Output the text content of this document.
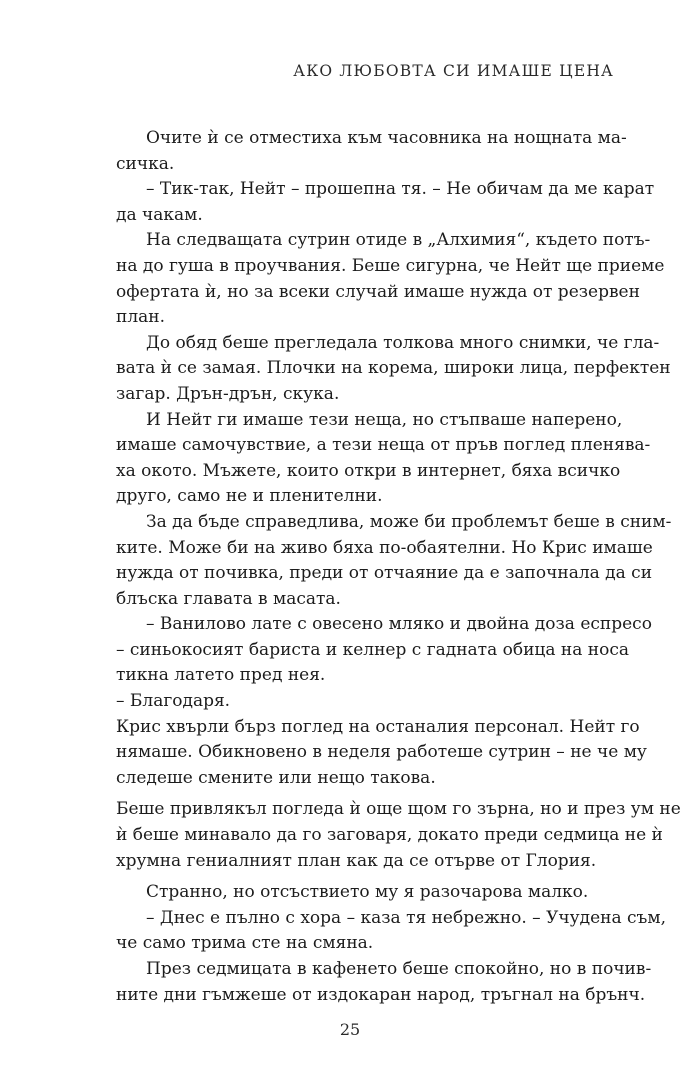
АКО ЛЮБОВТА СИ ИМАШЕ ЦЕНА
Очите ѝ се отместиха към часовника на нощната ма-
сичка.
– Тик-так, Нейт – прошепна тя. – Не обичам да ме карат
да чакам.
На следващата сутрин отиде в „Алхимия“, където потъ-
на до гуша в проучвания. Беше сигурна, че Нейт ще приеме
офертата ѝ, но за всеки случай имаше нужда от резервен
план.
До обяд беше прегледала толкова много снимки, че гла-
вата ѝ се замая. Плочки на корема, широки лица, перфектен
загар. Дрън-дрън, скука.
И Нейт ги имаше тези неща, но стъпваше наперено,
имаше самочувствие, а тези неща от пръв поглед пленява-
ха окото. Мъжете, които откри в интернет, бяха всичко
друго, само не и пленителни.
За да бъде справедлива, може би проблемът беше в сним-
ките. Може би на живо бяха по-обаятелни. Но Крис имаше
нужда от почивка, преди от отчаяние да е започнала да си
блъска главата в масата.
– Ванилово лате с овесено мляко и двойна доза еспресо
– синьокосият бариста и келнер с гадната обица на носа
тикна латето пред нея.
– Благодаря.
Крис хвърли бърз поглед на останалия персонал. Нейт го
нямаше. Обикновено в неделя работеше сутрин – не че му
следеше смените или нещо такова.
Беше привлякъл погледа ѝ още щом го зърна, но и през ум не
ѝ беше минавало да го заговаря, докато преди седмица не ѝ
хрумна гениалният план как да се отърве от Глория.
Странно, но отсъствието му я разочарова малко.
– Днес е пълно с хора – каза тя небрежно. – Учудена съм,
че само трима сте на смяна.
През седмицата в кафенето беше спокойно, но в почив-
ните дни гъмжеше от издокаран народ, тръгнал на брънч.
25
